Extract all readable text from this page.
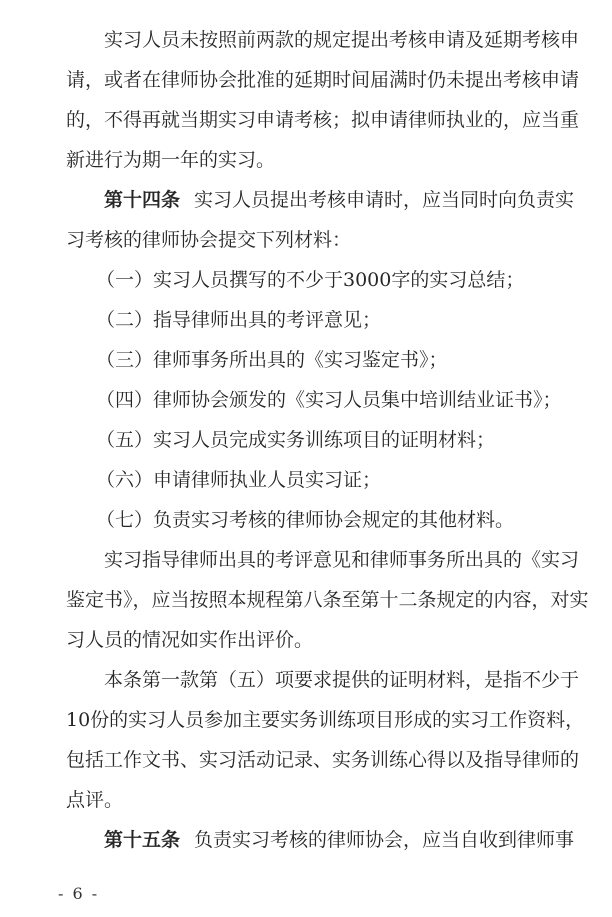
实习人员未按照前两款的规定提出考核申请及延期考核申
请，或者在律师协会批准的延期时间届满时仍未提出考核申请
的，不得再就当期实习申请考核；拟申请律师执业的，应当重
新进行为期一年的实习。
第十四条 实习人员提出考核申请时，应当同时向负责实
习考核的律师协会提交下列材料：
（一）实习人员撰写的不少于3000字的实习总结；
（二）指导律师出具的考评意见；
（三）律师事务所出具的《实习鉴定书》；
（四）律师协会颁发的《实习人员集中培训结业证书》；
（五）实习人员完成实务训练项目的证明材料；
（六）申请律师执业人员实习证；
（七）负责实习考核的律师协会规定的其他材料。
实习指导律师出具的考评意见和律师事务所出具的《实习
鉴定书》，应当按照本规程第八条至第十二条规定的内容，对实
习人员的情况如实作出评价。
本条第一款第（五）项要求提供的证明材料，是指不少于
10份的实习人员参加主要实务训练项目形成的实习工作资料，
包括工作文书、实习活动记录、实务训练心得以及指导律师的
点评。
第十五条 负责实习考核的律师协会，应当自收到律师事
- 6 -
